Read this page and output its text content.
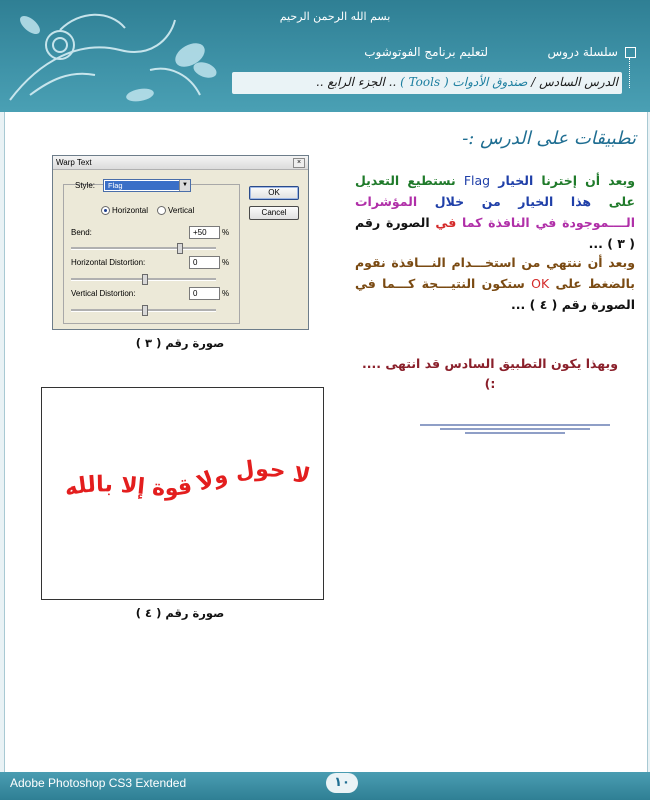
بسم الله الرحمن الرحيم
سلسلة دروس
لتعليم برنامج الفوتوشوب
الدرس السادس / صندوق الأدوات ( Tools ) .. الجزء الرابع ..
تطبيقات على الدرس :-
وبعد أن إخترنا الخيار Flag نستطيع التعديل على هذا الخيار من خلال المؤشرات الــــموجودة في النافذة كما في الصورة رقم ( ٣ ) ...
وبعد أن ننتهي من استخـــدام النـــافذة نقوم بالضغط على OK ستكون النتيـــجة كـــما في الصورة رقم ( ٤ ) ...
وبهذا يكون التطبيق السادس قد انتهى ....
:)
Warp Text	×
Style:	Flag	▼
Horizontal Vertical
Bend:	+50	%
Horizontal Distortion:	0	%
Vertical Distortion:	0	%
OK
Cancel
صورة رقم ( ٣ )
لا حول ولا قوة إلا بالله
صورة رقم ( ٤ )
Adobe Photoshop CS3 Extended	١٠
